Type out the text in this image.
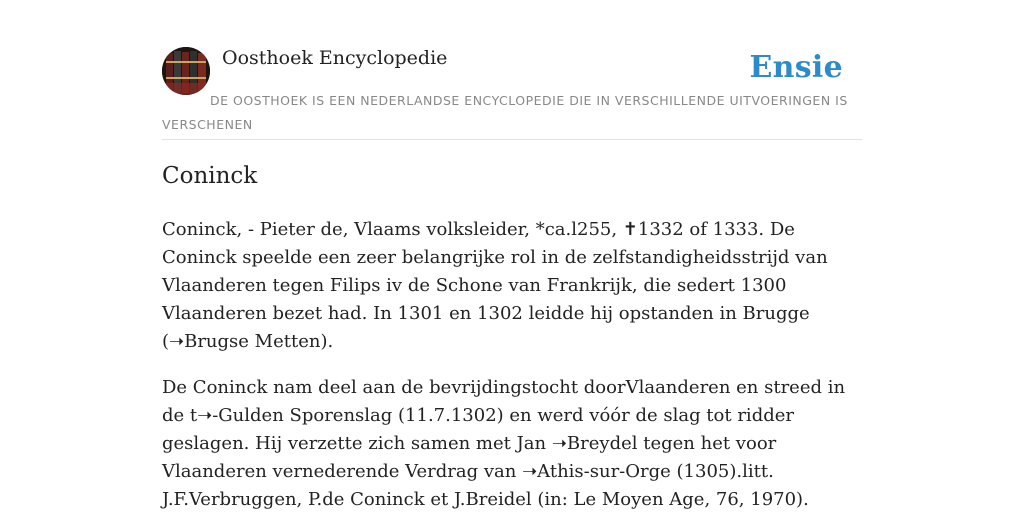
Oosthoek Encyclopedie	Ensie
DE OOSTHOEK IS EEN NEDERLANDSE ENCYCLOPEDIE DIE IN VERSCHILLENDE UITVOERINGEN IS VERSCHENEN
Coninck

Coninck, - Pieter de, Vlaams volksleider, *ca.l255, ✝1332 of 1333. De Coninck speelde een zeer belangrijke rol in de zelfstandigheidsstrijd van Vlaanderen tegen Filips iv de Schone van Frankrijk, die sedert 1300 Vlaanderen bezet had. In 1301 en 1302 leidde hij opstanden in Brugge (➝Brugse Metten).

De Coninck nam deel aan de bevrijdingstocht doorVlaanderen en streed in de t➝-Gulden Sporenslag (11.7.1302) en werd vóór de slag tot ridder geslagen. Hij verzette zich samen met Jan ➝Breydel tegen het voor Vlaanderen vernederende Verdrag van ➝Athis-sur-Orge (1305).litt. J.F.Verbruggen, P.de Coninck et J.Breidel (in: Le Moyen Age, 76, 1970).
